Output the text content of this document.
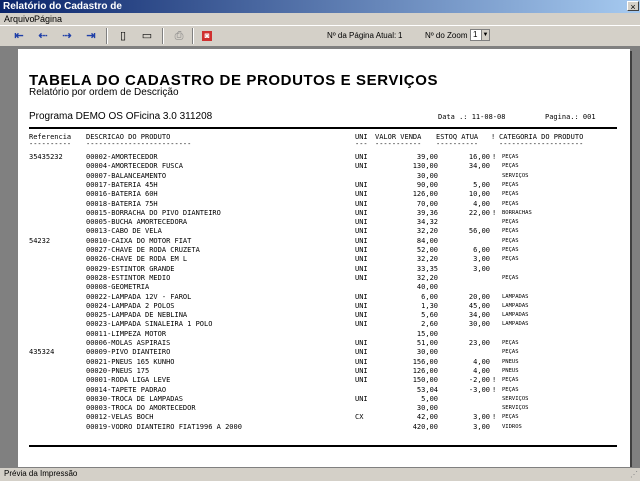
Relatório do Cadastro de	×
Arquivo Página
⇤ ⇠ ⇢ ⇥	▯	▭ ⎙	◙	Nº da Página Atual: 1	Nº do Zoom 1 ▼
TABELA DO CADASTRO DE PRODUTOS E SERVIÇOS
Relatório por ordem de Descrição
Programa DEMO OS OFicina 3.0 311208	Data .: 11-08-08	Pagina.: 001
Referencia DESCRICAO DO PRODUTO	UNI VALOR VENDA ESTOQ ATUA ! CATEGORIA DO PRODUTO
---------- -------------------------	--- ----------- ----------	--------------------
35435232	00002-AMORTECEDOR	UNI	39,00	16,00 ! PEÇAS
00004-AMORTECEDOR FUSCA	UNI	130,00	34,00 PEÇAS
00007-BALANCEAMENTO	30,00	SERVIÇOS
00017-BATERIA 45H	UNI	90,00	5,00 PEÇAS
00016-BATERIA 60H	UNI	126,00	10,00 PEÇAS
00018-BATERIA 75H	UNI	70,00	4,00 PEÇAS
00015-BORRACHA DO PIVO DIANTEIRO	UNI	39,36	22,00 ! BORRACHAS
00005-BUCHA AMORTECEDORA	UNI	34,32	PEÇAS
00013-CABO DE VELA	UNI	32,20	56,00 PEÇAS
54232	00010-CAIXA DO MOTOR FIAT	UNI	84,00	PEÇAS
00027-CHAVE DE RODA CRUZETA	UNI	52,00	6,00 PEÇAS
00026-CHAVE DE RODA EM L	UNI	32,20	3,00 PEÇAS
00029-ESTINTOR GRANDE	UNI	33,35	3,00
00028-ESTINTOR MEDIO	UNI	32,20	PEÇAS
00008-GEOMETRIA	40,00
00022-LAMPADA 12V - FAROL	UNI	6,00	20,00 LAMPADAS
00024-LAMPADA 2 POLOS	UNI	1,30	45,00 LAMPADAS
00025-LAMPADA DE NEBLINA	UNI	5,60	34,00 LAMPADAS
00023-LAMPADA SINALEIRA 1 POLO	UNI	2,60	30,00 LAMPADAS
00011-LIMPEZA MOTOR	15,00
00006-MOLAS ASPIRAIS	UNI	51,00	23,00 PEÇAS
435324	00009-PIVO DIANTEIRO	UNI	30,00	PEÇAS
00021-PNEUS 165 KUNHO	UNI	156,00	4,00 PNEUS
00020-PNEUS 175	UNI	126,00	4,00 PNEUS
00001-RODA LIGA LEVE	UNI	150,00	-2,00 ! PEÇAS
00014-TAPETE PADRAO	53,04	-3,00 ! PEÇAS
00030-TROCA DE LAMPADAS	UNI	5,00	SERVIÇOS
00003-TROCA DO AMORTECEDOR	30,00	SERVIÇOS
00012-VELAS BOCH	CX	42,00	3,00 ! PEÇAS
00019-VODRO DIANTEIRO FIAT1996 A 2000	420,00	3,00 VIDROS
Prévia da Impressão	⋰
